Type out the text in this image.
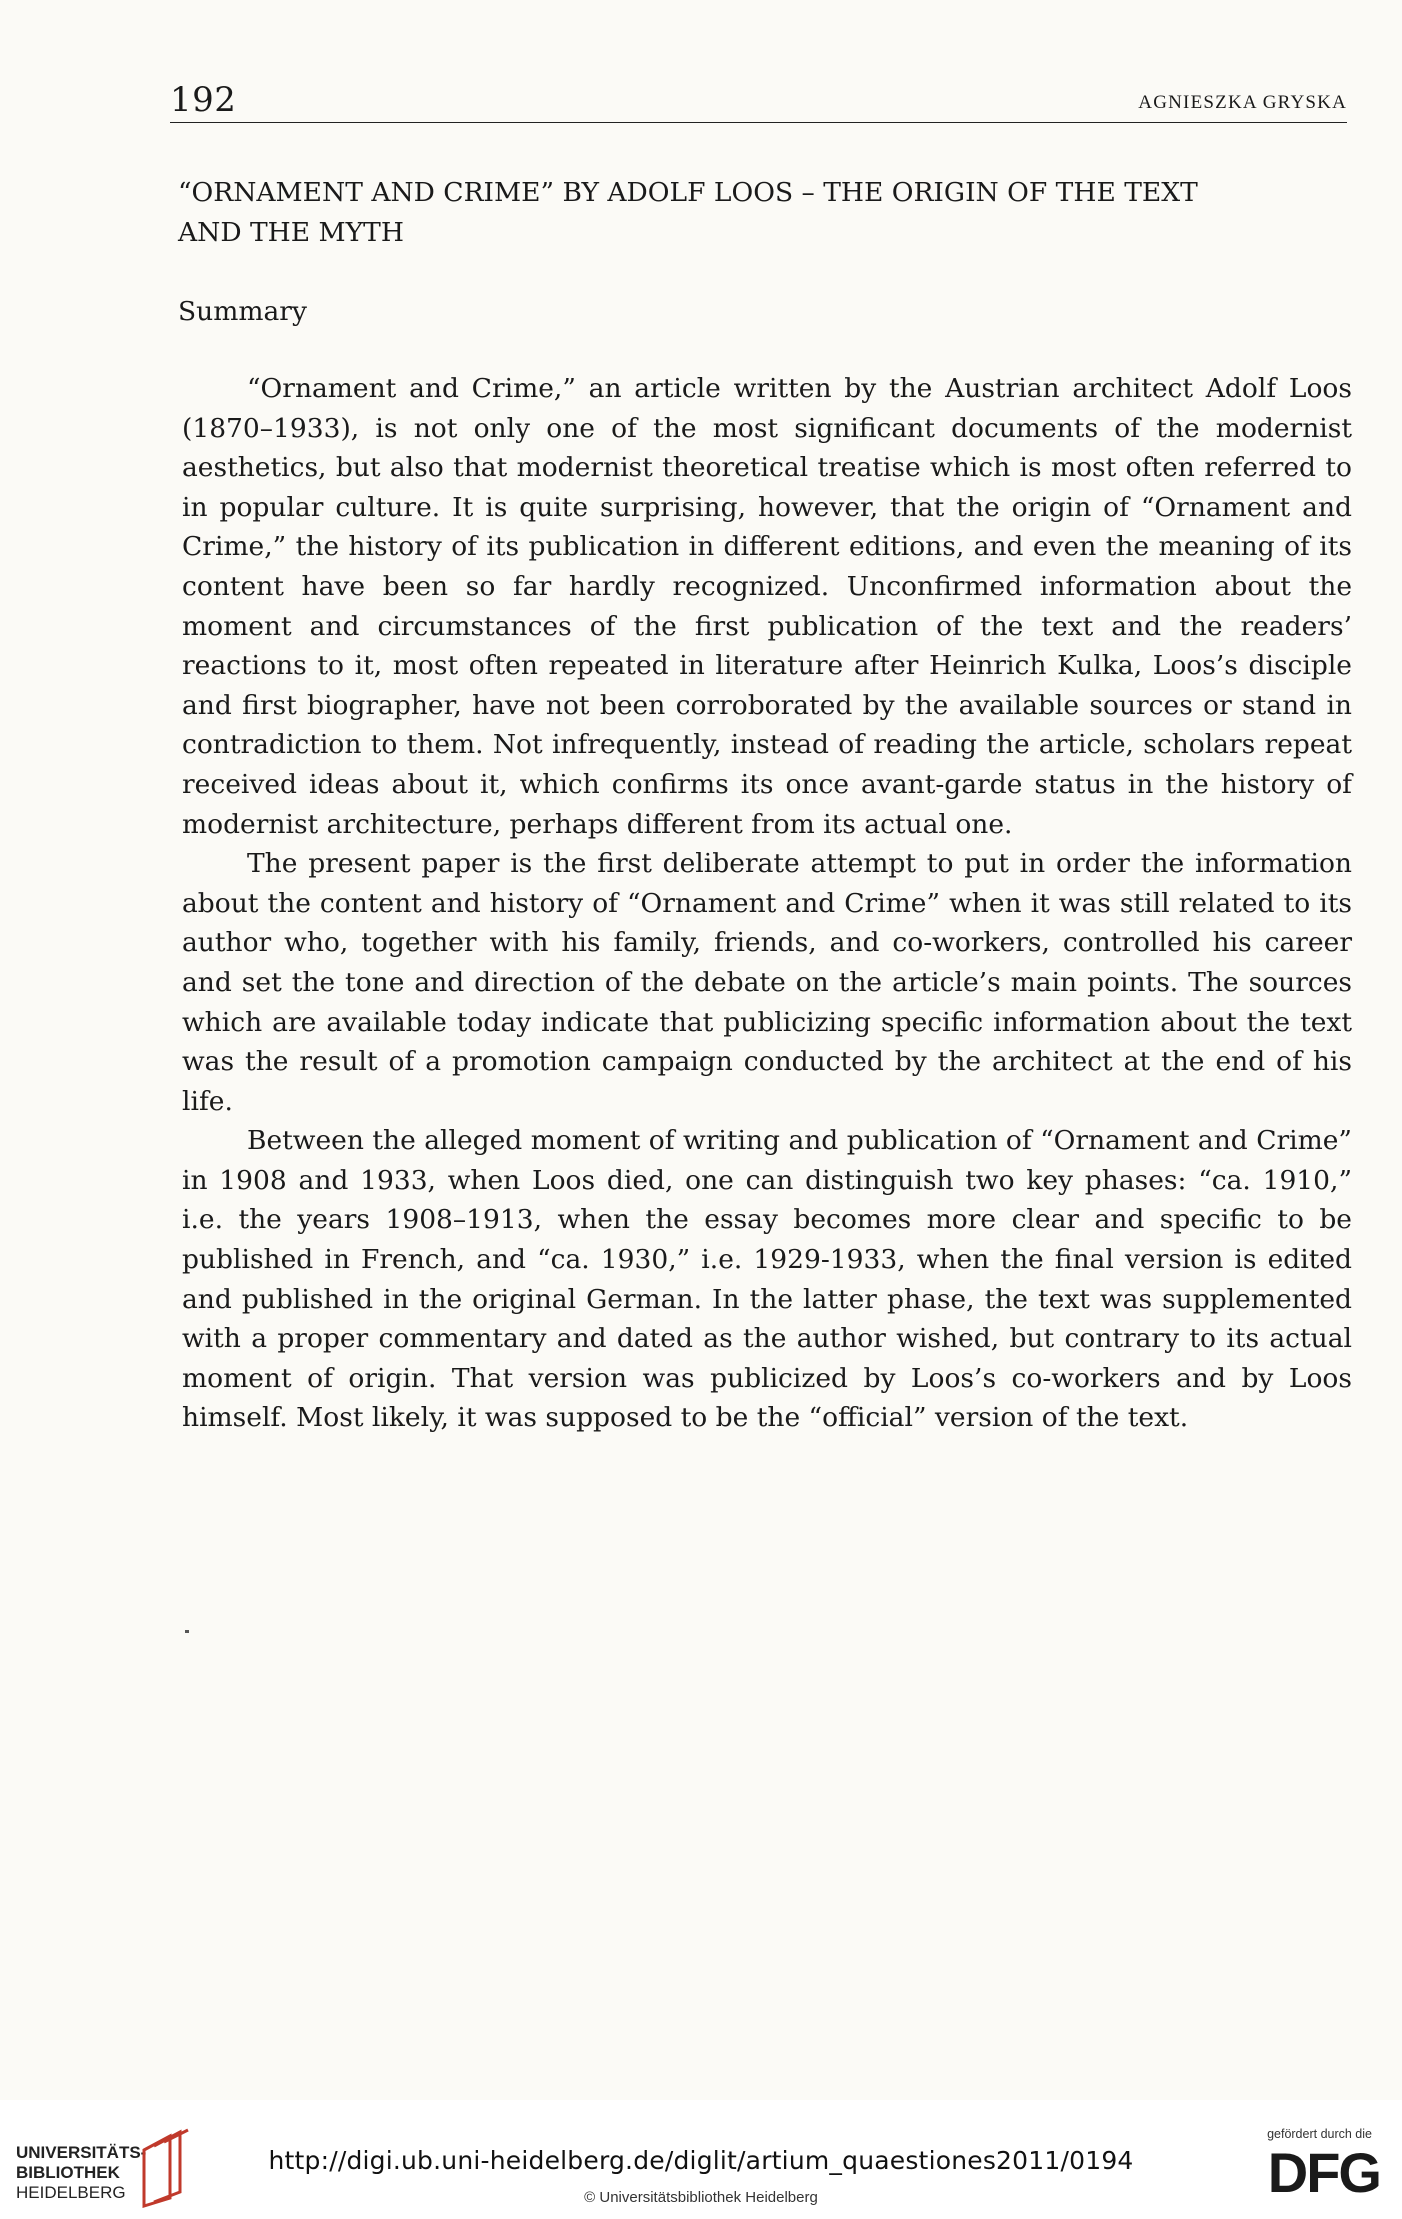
192	AGNIESZKA GRYSKA
“ORNAMENT AND CRIME” BY ADOLF LOOS – THE ORIGIN OF THE TEXT
AND THE MYTH
Summary

“Ornament and Crime,” an article written by the Austrian architect Adolf Loos (1870–1933), is not only one of the most significant documents of the modernist aesthetics, but also that modernist theoretical treatise which is most often referred to in popular culture. It is quite surprising, however, that the origin of “Ornament and Crime,” the history of its publication in different editions, and even the meaning of its content have been so far hardly recognized. Unconfirmed information about the moment and circumstances of the first publication of the text and the readers’ reactions to it, most often repeated in literature after Heinrich Kulka, Loos’s disciple and first biographer, have not been corroborated by the available sources or stand in contradiction to them. Not infrequently, instead of reading the article, scholars repeat received ideas about it, which confirms its once avant-garde status in the history of modernist architecture, perhaps different from its actual one.

The present paper is the first deliberate attempt to put in order the information about the content and history of “Ornament and Crime” when it was still related to its author who, together with his family, friends, and co-workers, controlled his career and set the tone and direction of the debate on the article’s main points. The sources which are available today indicate that publicizing specific information about the text was the result of a promotion campaign conducted by the architect at the end of his life.

Between the alleged moment of writing and publication of “Ornament and Crime” in 1908 and 1933, when Loos died, one can distinguish two key phases: “ca. 1910,” i.e. the years 1908–1913, when the essay becomes more clear and specific to be published in French, and “ca. 1930,” i.e. 1929-1933, when the final version is edited and published in the original German. In the latter phase, the text was supplemented with a proper commentary and dated as the author wished, but contrary to its actual moment of origin. That version was publicized by Loos’s co-workers and by Loos himself. Most likely, it was supposed to be the “official” version of the text.

UNIVERSITÄTS-
BIBLIOTHEK
HEIDELBERG
http://digi.ub.uni-heidelberg.de/diglit/artium_quaestiones2011/0194
© Universitätsbibliothek Heidelberg
gefördert durch die
DFG
